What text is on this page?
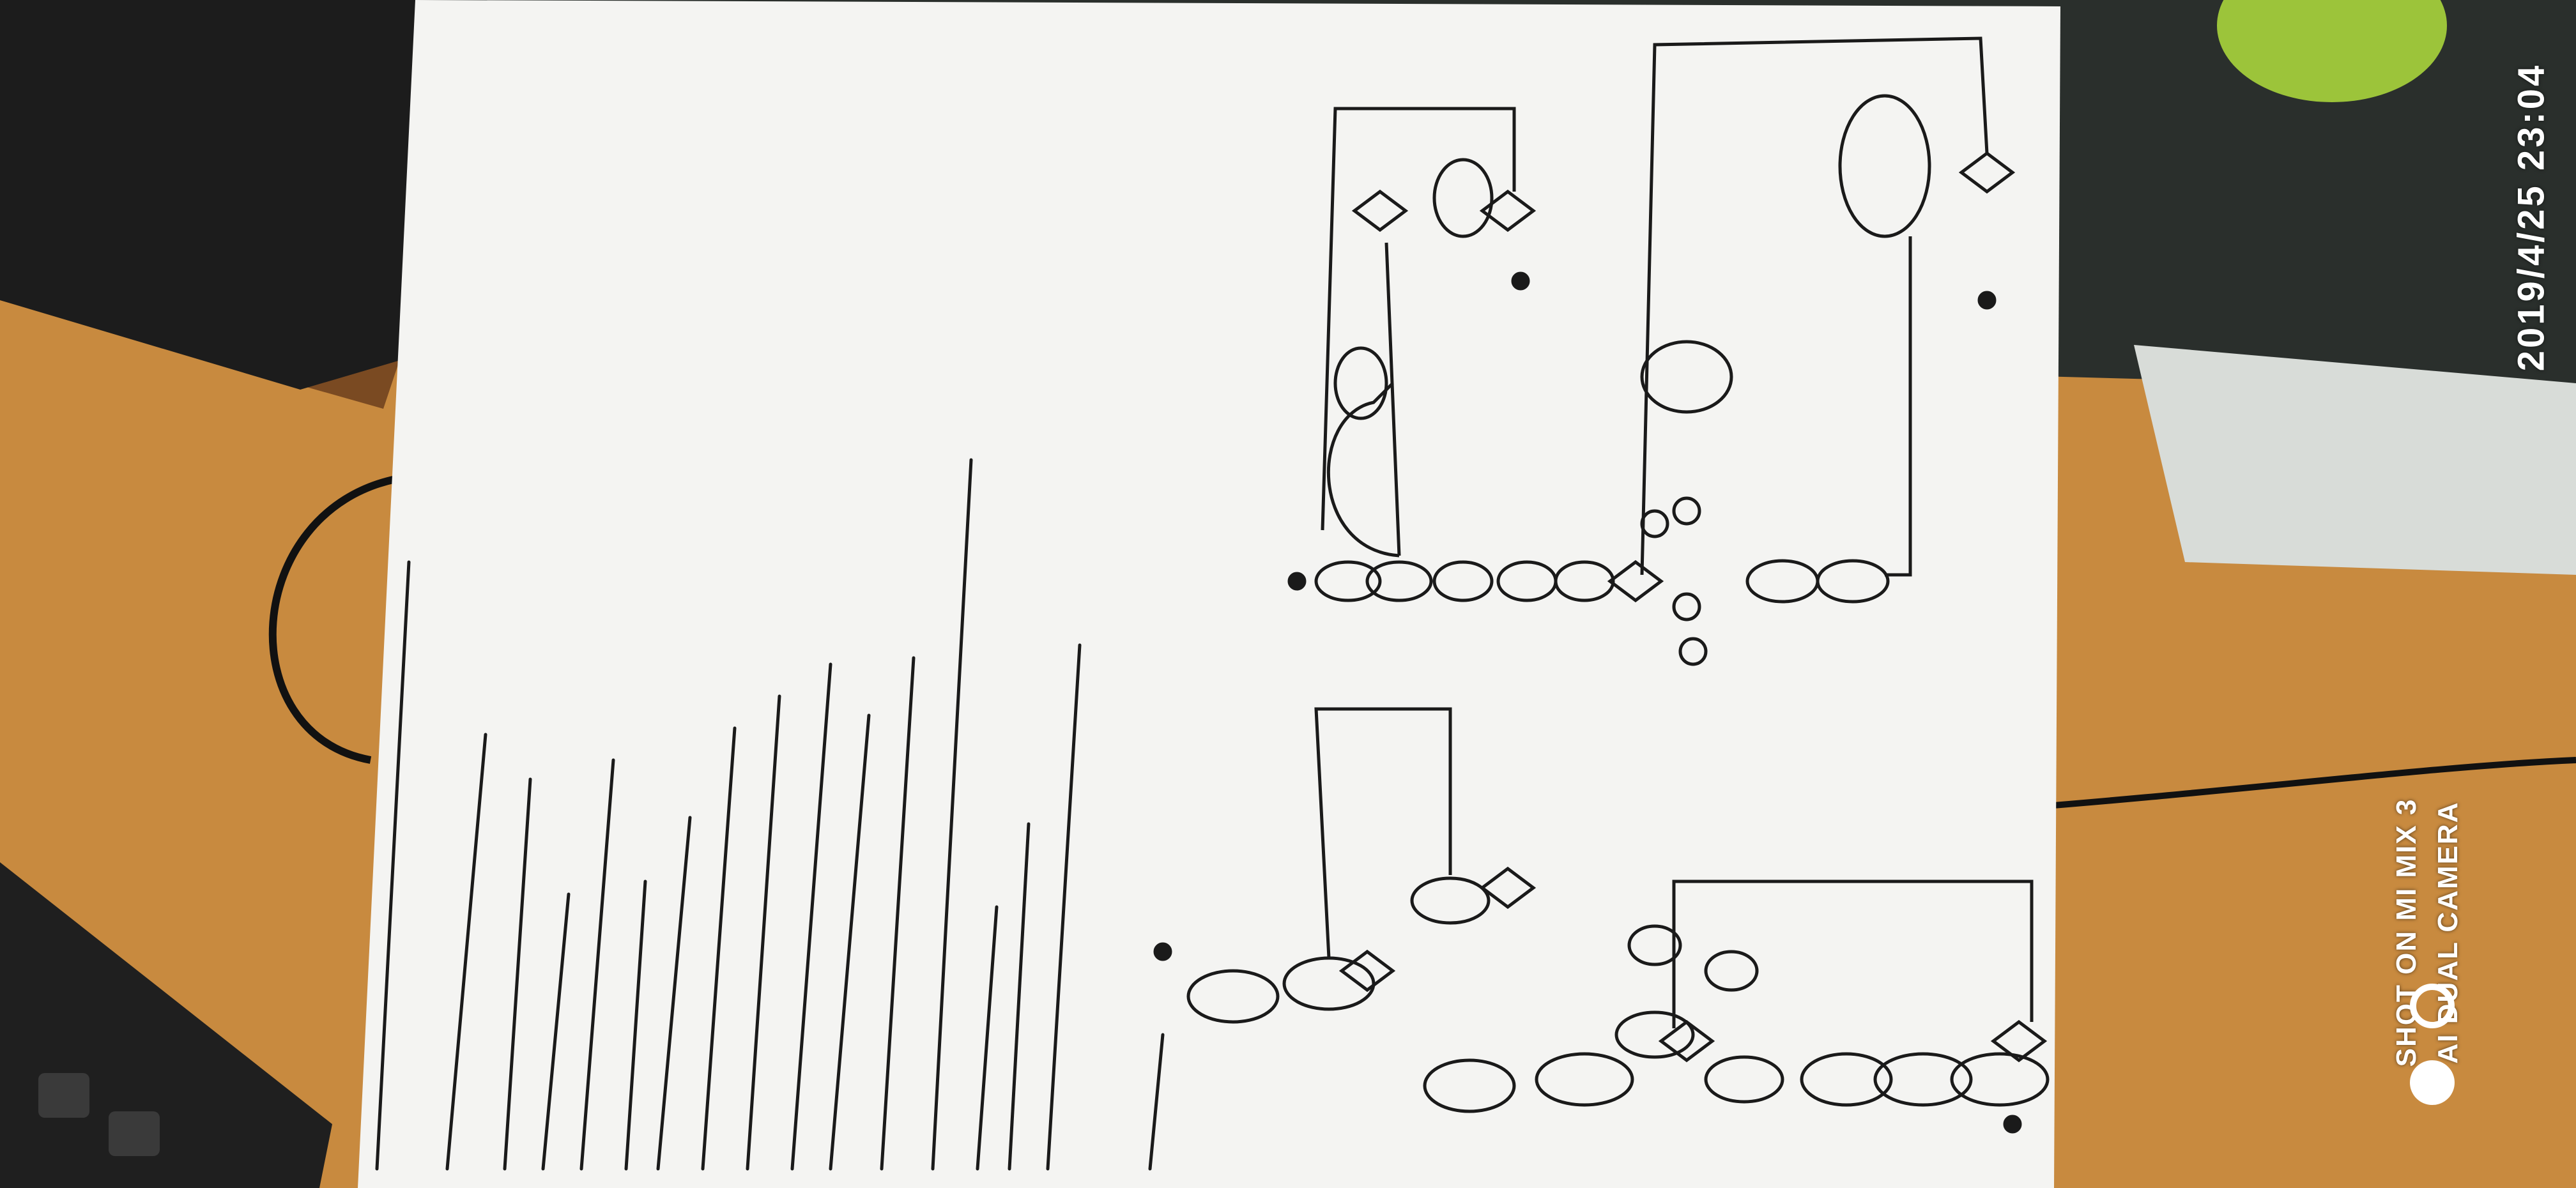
2019/4/25 23:04
SHOT ON MI MIX 3 AI DUAL CAMERA
